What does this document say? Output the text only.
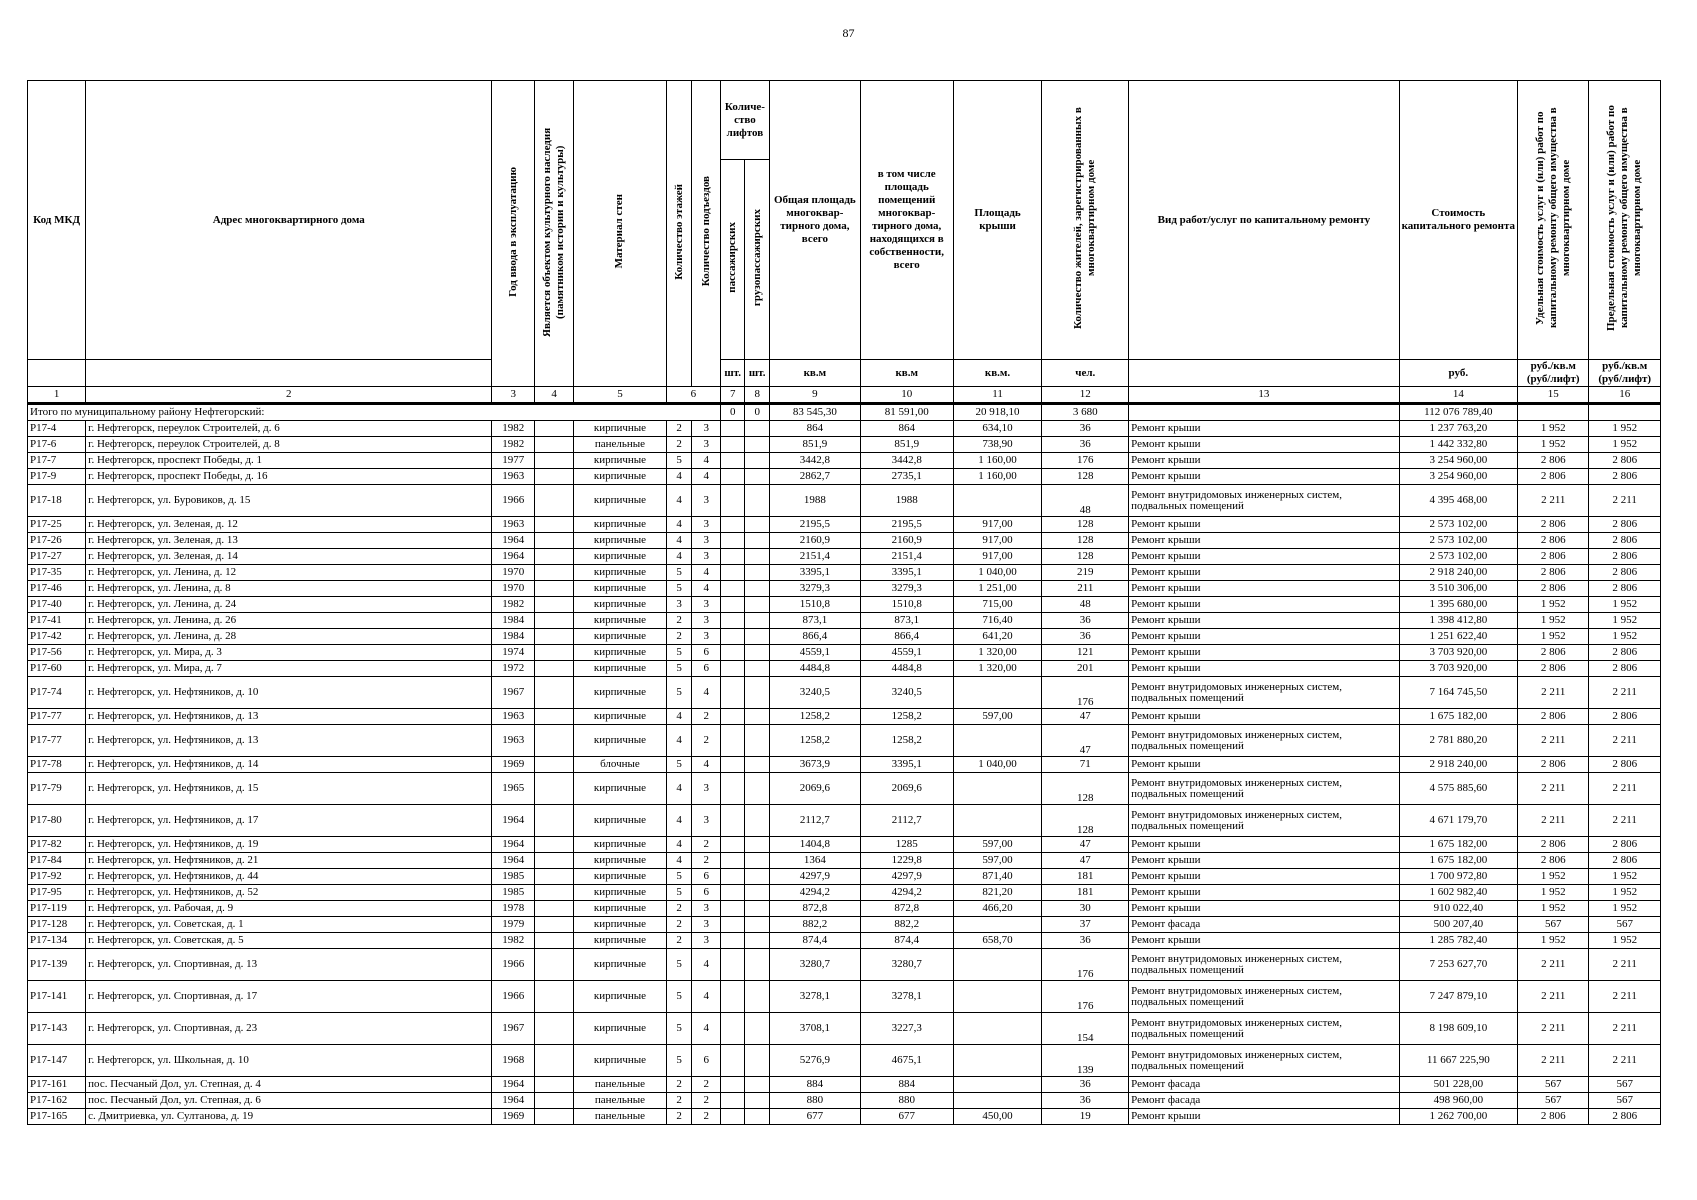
87
Код МКД	Адрес многоквартирного дома	Год ввода в эксплуатацию	Является объектом культурного наследия (памятником истории и культуры)	Материал стен	Количество этажей	Количество подъездов	Количе-ство лифтов		Общая площадь многоквар-тирного дома, всего	в том числе площадь помещений многоквар-тирного дома, находящихся в собственности, всего	Площадь крыши	Количество жителей, зарегистрированных в многоквартирном доме	Вид работ/услуг по капитальному ремонту	Стоимость капитального ремонта	Удельная стоимость услуг и (или) работ по капитальному ремонту общего имущества в многоквартирном доме	Предельная стоимость услуг и (или) работ по капитальному ремонту общего имущества в многоквартирном доме
							пассажирских	грузопассажирских								
							шт.	шт.	кв.м	кв.м	кв.м.	чел.		руб.	руб./кв.м (руб/лифт)	руб./кв.м (руб/лифт)
1	2	3	4	5	6		7	8	9	10	11	12	13	14	15	16
Итого по муниципальному району Нефтегорский:							0	0	83 545,30	81 591,00	20 918,10	3 680		112 076 789,40		
Р17-4	г. Нефтегорск, переулок Строителей, д. 6	1982		кирпичные	2	3			864	864	634,10	36	Ремонт крыши	1 237 763,20	1 952	1 952
Р17-6	г. Нефтегорск, переулок Строителей, д. 8	1982		панельные	2	3			851,9	851,9	738,90	36	Ремонт крыши	1 442 332,80	1 952	1 952
Р17-7	г. Нефтегорск, проспект Победы, д. 1	1977		кирпичные	5	4			3442,8	3442,8	1 160,00	176	Ремонт крыши	3 254 960,00	2 806	2 806
Р17-9	г. Нефтегорск, проспект Победы, д. 16	1963		кирпичные	4	4			2862,7	2735,1	1 160,00	128	Ремонт крыши	3 254 960,00	2 806	2 806
Р17-18	г. Нефтегорск, ул. Буровиков, д. 15	1966		кирпичные	4	3			1988	1988		48	Ремонт внутридомовых инженерных систем, подвальных помещений	4 395 468,00	2 211	2 211
Р17-25	г. Нефтегорск, ул. Зеленая, д. 12	1963		кирпичные	4	3			2195,5	2195,5	917,00	128	Ремонт крыши	2 573 102,00	2 806	2 806
Р17-26	г. Нефтегорск, ул. Зеленая, д. 13	1964		кирпичные	4	3			2160,9	2160,9	917,00	128	Ремонт крыши	2 573 102,00	2 806	2 806
Р17-27	г. Нефтегорск, ул. Зеленая, д. 14	1964		кирпичные	4	3			2151,4	2151,4	917,00	128	Ремонт крыши	2 573 102,00	2 806	2 806
Р17-35	г. Нефтегорск, ул. Ленина, д. 12	1970		кирпичные	5	4			3395,1	3395,1	1 040,00	219	Ремонт крыши	2 918 240,00	2 806	2 806
Р17-46	г. Нефтегорск, ул. Ленина, д. 8	1970		кирпичные	5	4			3279,3	3279,3	1 251,00	211	Ремонт крыши	3 510 306,00	2 806	2 806
Р17-40	г. Нефтегорск, ул. Ленина, д. 24	1982		кирпичные	3	3			1510,8	1510,8	715,00	48	Ремонт крыши	1 395 680,00	1 952	1 952
Р17-41	г. Нефтегорск, ул. Ленина, д. 26	1984		кирпичные	2	3			873,1	873,1	716,40	36	Ремонт крыши	1 398 412,80	1 952	1 952
Р17-42	г. Нефтегорск, ул. Ленина, д. 28	1984		кирпичные	2	3			866,4	866,4	641,20	36	Ремонт крыши	1 251 622,40	1 952	1 952
Р17-56	г. Нефтегорск, ул. Мира, д. 3	1974		кирпичные	5	6			4559,1	4559,1	1 320,00	121	Ремонт крыши	3 703 920,00	2 806	2 806
Р17-60	г. Нефтегорск, ул. Мира, д. 7	1972		кирпичные	5	6			4484,8	4484,8	1 320,00	201	Ремонт крыши	3 703 920,00	2 806	2 806
Р17-74	г. Нефтегорск, ул. Нефтяников, д. 10	1967		кирпичные	5	4			3240,5	3240,5		176	Ремонт внутридомовых инженерных систем, подвальных помещений	7 164 745,50	2 211	2 211
Р17-77	г. Нефтегорск, ул. Нефтяников, д. 13	1963		кирпичные	4	2			1258,2	1258,2	597,00	47	Ремонт крыши	1 675 182,00	2 806	2 806
Р17-77	г. Нефтегорск, ул. Нефтяников, д. 13	1963		кирпичные	4	2			1258,2	1258,2		47	Ремонт внутридомовых инженерных систем, подвальных помещений	2 781 880,20	2 211	2 211
Р17-78	г. Нефтегорск, ул. Нефтяников, д. 14	1969		блочные	5	4			3673,9	3395,1	1 040,00	71	Ремонт крыши	2 918 240,00	2 806	2 806
Р17-79	г. Нефтегорск, ул. Нефтяников, д. 15	1965		кирпичные	4	3			2069,6	2069,6		128	Ремонт внутридомовых инженерных систем, подвальных помещений	4 575 885,60	2 211	2 211
Р17-80	г. Нефтегорск, ул. Нефтяников, д. 17	1964		кирпичные	4	3			2112,7	2112,7		128	Ремонт внутридомовых инженерных систем, подвальных помещений	4 671 179,70	2 211	2 211
Р17-82	г. Нефтегорск, ул. Нефтяников, д. 19	1964		кирпичные	4	2			1404,8	1285	597,00	47	Ремонт крыши	1 675 182,00	2 806	2 806
Р17-84	г. Нефтегорск, ул. Нефтяников, д. 21	1964		кирпичные	4	2			1364	1229,8	597,00	47	Ремонт крыши	1 675 182,00	2 806	2 806
Р17-92	г. Нефтегорск, ул. Нефтяников, д. 44	1985		кирпичные	5	6			4297,9	4297,9	871,40	181	Ремонт крыши	1 700 972,80	1 952	1 952
Р17-95	г. Нефтегорск, ул. Нефтяников, д. 52	1985		кирпичные	5	6			4294,2	4294,2	821,20	181	Ремонт крыши	1 602 982,40	1 952	1 952
Р17-119	г. Нефтегорск, ул. Рабочая, д. 9	1978		кирпичные	2	3			872,8	872,8	466,20	30	Ремонт крыши	910 022,40	1 952	1 952
Р17-128	г. Нефтегорск, ул. Советская, д. 1	1979		кирпичные	2	3			882,2	882,2		37	Ремонт фасада	500 207,40	567	567
Р17-134	г. Нефтегорск, ул. Советская, д. 5	1982		кирпичные	2	3			874,4	874,4	658,70	36	Ремонт крыши	1 285 782,40	1 952	1 952
Р17-139	г. Нефтегорск, ул. Спортивная, д. 13	1966		кирпичные	5	4			3280,7	3280,7		176	Ремонт внутридомовых инженерных систем, подвальных помещений	7 253 627,70	2 211	2 211
Р17-141	г. Нефтегорск, ул. Спортивная, д. 17	1966		кирпичные	5	4			3278,1	3278,1		176	Ремонт внутридомовых инженерных систем, подвальных помещений	7 247 879,10	2 211	2 211
Р17-143	г. Нефтегорск, ул. Спортивная, д. 23	1967		кирпичные	5	4			3708,1	3227,3		154	Ремонт внутридомовых инженерных систем, подвальных помещений	8 198 609,10	2 211	2 211
Р17-147	г. Нефтегорск, ул. Школьная, д. 10	1968		кирпичные	5	6			5276,9	4675,1		139	Ремонт внутридомовых инженерных систем, подвальных помещений	11 667 225,90	2 211	2 211
Р17-161	пос. Песчаный Дол, ул. Степная, д. 4	1964		панельные	2	2			884	884		36	Ремонт фасада	501 228,00	567	567
Р17-162	пос. Песчаный Дол, ул. Степная, д. 6	1964		панельные	2	2			880	880		36	Ремонт фасада	498 960,00	567	567
Р17-165	с. Дмитриевка, ул. Султанова, д. 19	1969		панельные	2	2			677	677	450,00	19	Ремонт крыши	1 262 700,00	2 806	2 806
